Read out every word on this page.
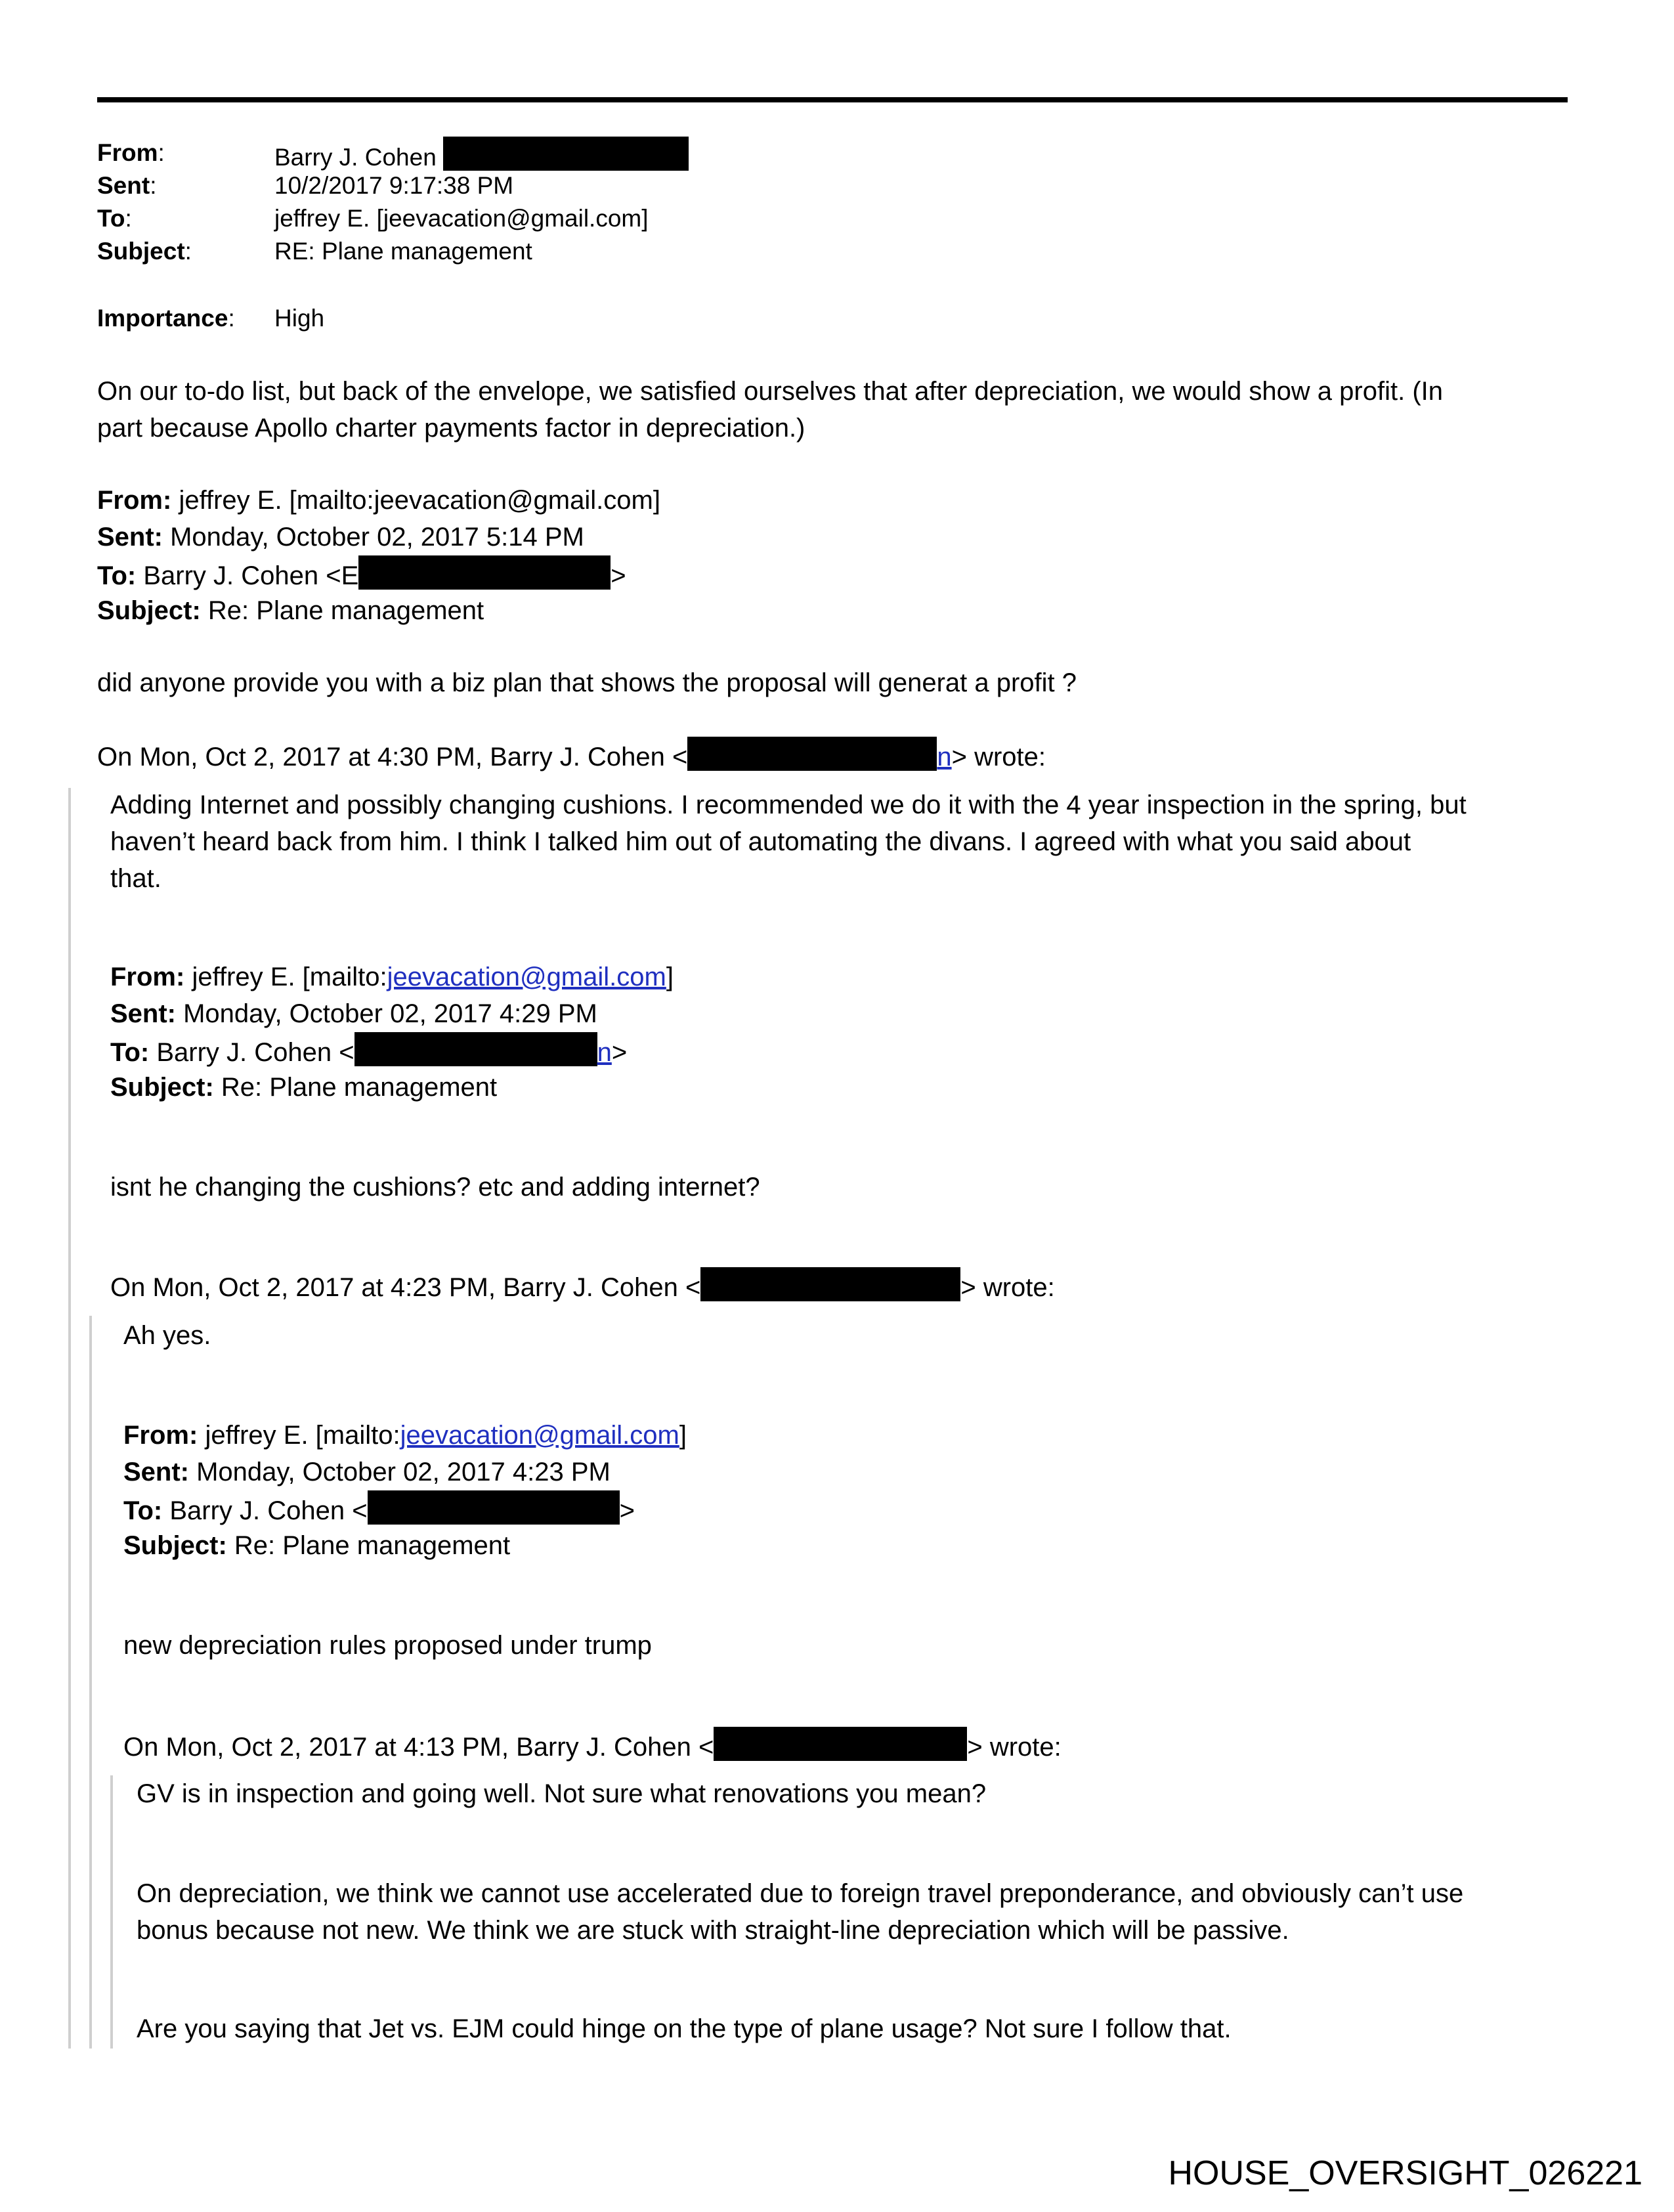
From:	Barry J. Cohen
Sent:	10/2/2017 9:17:38 PM
To:	jeffrey E. [jeevacation@gmail.com]
Subject:	RE: Plane management
Importance: High
On our to-do list, but back of the envelope, we satisfied ourselves that after depreciation, we would show a profit. (In
part because Apollo charter payments factor in depreciation.)
From: jeffrey E. [mailto:jeevacation@gmail.com]
Sent: Monday, October 02, 2017 5:14 PM
To: Barry J. Cohen <E	>
Subject: Re: Plane management
did anyone provide you with a biz plan that shows the proposal will generat a profit ?
On Mon, Oct 2, 2017 at 4:30 PM, Barry J. Cohen <	n> wrote:
Adding Internet and possibly changing cushions. I recommended we do it with the 4 year inspection in the spring, but
haven’t heard back from him. I think I talked him out of automating the divans. I agreed with what you said about
that.
From: jeffrey E. [mailto:jeevacation@gmail.com]
Sent: Monday, October 02, 2017 4:29 PM
To: Barry J. Cohen <	n>
Subject: Re: Plane management
isnt he changing the cushions? etc and adding internet?
On Mon, Oct 2, 2017 at 4:23 PM, Barry J. Cohen <	> wrote:
Ah yes.
From: jeffrey E. [mailto:jeevacation@gmail.com]
Sent: Monday, October 02, 2017 4:23 PM
To: Barry J. Cohen <	>
Subject: Re: Plane management
new depreciation rules proposed under trump
On Mon, Oct 2, 2017 at 4:13 PM, Barry J. Cohen <	> wrote:
GV is in inspection and going well. Not sure what renovations you mean?
On depreciation, we think we cannot use accelerated due to foreign travel preponderance, and obviously can’t use
bonus because not new. We think we are stuck with straight-line depreciation which will be passive.
Are you saying that Jet vs. EJM could hinge on the type of plane usage? Not sure I follow that.
HOUSE_OVERSIGHT_026221
